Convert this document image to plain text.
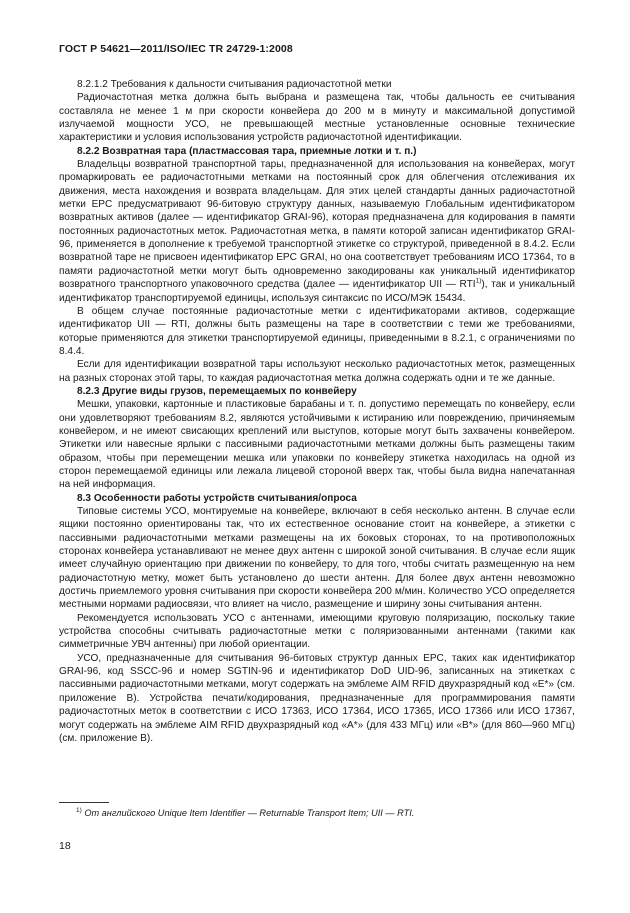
ГОСТ Р 54621—2011/ISO/IEC TR 24729-1:2008

8.2.1.2 Требования к дальности считывания радиочастотной метки

Радиочастотная метка должна быть выбрана и размещена так, чтобы дальность ее считывания составляла не менее 1 м при скорости конвейера до 200 м в минуту и максимальной допустимой излучаемой мощности УСО, не превышающей местные установленные основные технические характеристики и условия использования устройств радиочастотной идентификации.

8.2.2 Возвратная тара (пластмассовая тара, приемные лотки и т. п.)

Владельцы возвратной транспортной тары, предназначенной для использования на конвейерах, могут промаркировать ее радиочастотными метками на постоянный срок для облегчения отслеживания их движения, места нахождения и возврата владельцам. Для этих целей стандарты данных радиочастотной метки EPC предусматривают 96-битовую структуру данных, называемую Глобальным идентификатором возвратных активов (далее — идентификатор GRAI-96), которая предназначена для кодирования в памяти постоянных радиочастотных меток. Радиочастотная метка, в памяти которой записан идентификатор GRAI-96, применяется в дополнение к требуемой транспортной этикетке со структурой, приведенной в 8.4.2. Если возвратной таре не присвоен идентификатор EPC GRAI, но она соответствует требованиям ИСО 17364, то в памяти радиочастотной метки могут быть одновременно закодированы как уникальный идентификатор возвратного транспортного упаковочного средства (далее — идентификатор UII — RTI$^{1)}$), так и уникальный идентификатор транспортируемой единицы, используя синтаксис по ИСО/МЭК 15434.

В общем случае постоянные радиочастотные метки с идентификаторами активов, содержащие идентификатор UII — RTI, должны быть размещены на таре в соответствии с теми же требованиями, которые применяются для этикетки транспортируемой единицы, приведенными в 8.2.1, с ограничениями по 8.4.4.

Если для идентификации возвратной тары используют несколько радиочастотных меток, размещенных на разных сторонах этой тары, то каждая радиочастотная метка должна содержать одни и те же данные.

8.2.3 Другие виды грузов, перемещаемых по конвейеру

Мешки, упаковки, картонные и пластиковые барабаны и т. п. допустимо перемещать по конвейеру, если они удовлетворяют требованиям 8.2, являются устойчивыми к истиранию или повреждению, причиняемым конвейером, и не имеют свисающих креплений или выступов, которые могут быть захвачены конвейером. Этикетки или навесные ярлыки с пассивными радиочастотными метками должны быть размещены таким образом, чтобы при перемещении мешка или упаковки по конвейеру этикетка находилась на одной из сторон перемещаемой единицы или лежала лицевой стороной вверх так, чтобы была видна напечатанная на ней информация.

8.3 Особенности работы устройств считывания/опроса

Типовые системы УСО, монтируемые на конвейере, включают в себя несколько антенн. В случае если ящики постоянно ориентированы так, что их естественное основание стоит на конвейере, а этикетки с пассивными радиочастотными метками размещены на их боковых сторонах, то на противоположных сторонах конвейера устанавливают не менее двух антенн с широкой зоной считывания. В случае если ящик имеет случайную ориентацию при движении по конвейеру, то для того, чтобы считать размещенную на нем радиочастотную метку, может быть установлено до шести антенн. Для более двух антенн невозможно достичь приемлемого уровня считывания при скорости конвейера 200 м/мин. Количество УСО определяется местными нормами радиосвязи, что влияет на число, размещение и ширину зоны считывания антенн.

Рекомендуется использовать УСО с антеннами, имеющими круговую поляризацию, поскольку такие устройства способны считывать радиочастотные метки с поляризованными антеннами (такими как симметричные УВЧ антенны) при любой ориентации.

УСО, предназначенные для считывания 96-битовых структур данных EPC, таких как идентификатор GRAI-96, код SSCC-96 и номер SGTIN-96 и идентификатор DoD UID-96, записанных на этикетках с пассивными радиочастотными метками, могут содержать на эмблеме AIM RFID двухразрядный код «E*» (см. приложение В). Устройства печати/кодирования, предназначенные для программирования памяти радиочастотных меток в соответствии с ИСО 17363, ИСО 17364, ИСО 17365, ИСО 17366 или ИСО 17367, могут содержать на эмблеме AIM RFID двухразрядный код «A*» (для 433 МГц) или «B*» (для 860—960 МГц) (см. приложение В).

$^{1)}$ От английского Unique Item Identifier — Returnable Transport Item; UII — RTI.
18
